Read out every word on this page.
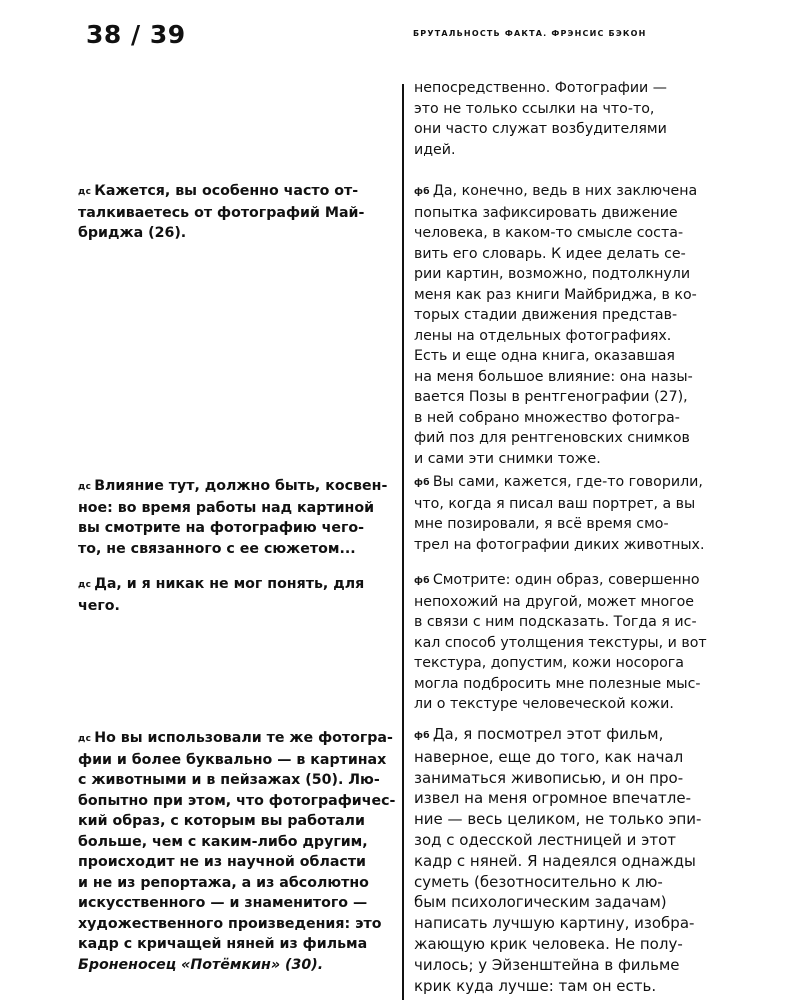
38 / 39	БРУТАЛЬНОСТЬ ФАКТА. ФРЭНСИС БЭКОН
дс Кажется, вы особенно часто от-
талкиваетесь от фотографий Май-
бриджа (26).
дс Влияние тут, должно быть, косвен-
ное: во время работы над картиной
вы смотрите на фотографию чего-
то, не связанного с ее сюжетом...
дс Да, и я никак не мог понять, для
чего.
дс Но вы использовали те же фотогра-
фии и более буквально — в картинах
с животными и в пейзажах (50). Лю-
бопытно при этом, что фотографичес-
кий образ, с которым вы работали
больше, чем с каким-либо другим,
происходит не из научной области
и не из репортажа, а из абсолютно
искусственного — и знаменитого —
художественного произведения: это
кадр с кричащей няней из фильма
Броненосец «Потёмкин» (30).
непосредственно. Фотографии —
это не только ссылки на что-то,
они часто служат возбудителями
идей.
фб Да, конечно, ведь в них заключена
попытка зафиксировать движение
человека, в каком-то смысле соста-
вить его словарь. К идее делать се-
рии картин, возможно, подтолкнули
меня как раз книги Майбриджа, в ко-
торых стадии движения представ-
лены на отдельных фотографиях.
Есть и еще одна книга, оказавшая
на меня большое влияние: она назы-
вается Позы в рентгенографии (27),
в ней собрано множество фотогра-
фий поз для рентгеновских снимков
и сами эти снимки тоже.
фб Вы сами, кажется, где-то говорили,
что, когда я писал ваш портрет, а вы
мне позировали, я всё время смо-
трел на фотографии диких животных.
фб Смотрите: один образ, совершенно
непохожий на другой, может многое
в связи с ним подсказать. Тогда я ис-
кал способ утолщения текстуры, и вот
текстура, допустим, кожи носорога
могла подбросить мне полезные мыс-
ли о текстуре человеческой кожи.
фб Да, я посмотрел этот фильм,
наверное, еще до того, как начал
заниматься живописью, и он про-
извел на меня огромное впечатле-
ние — весь целиком, не только эпи-
зод с одесской лестницей и этот
кадр с няней. Я надеялся однажды
суметь (безотносительно к лю-
бым психологическим задачам)
написать лучшую картину, изобра-
жающую крик человека. Не полу-
чилось; у Эйзенштейна в фильме
крик куда лучше: там он есть.
